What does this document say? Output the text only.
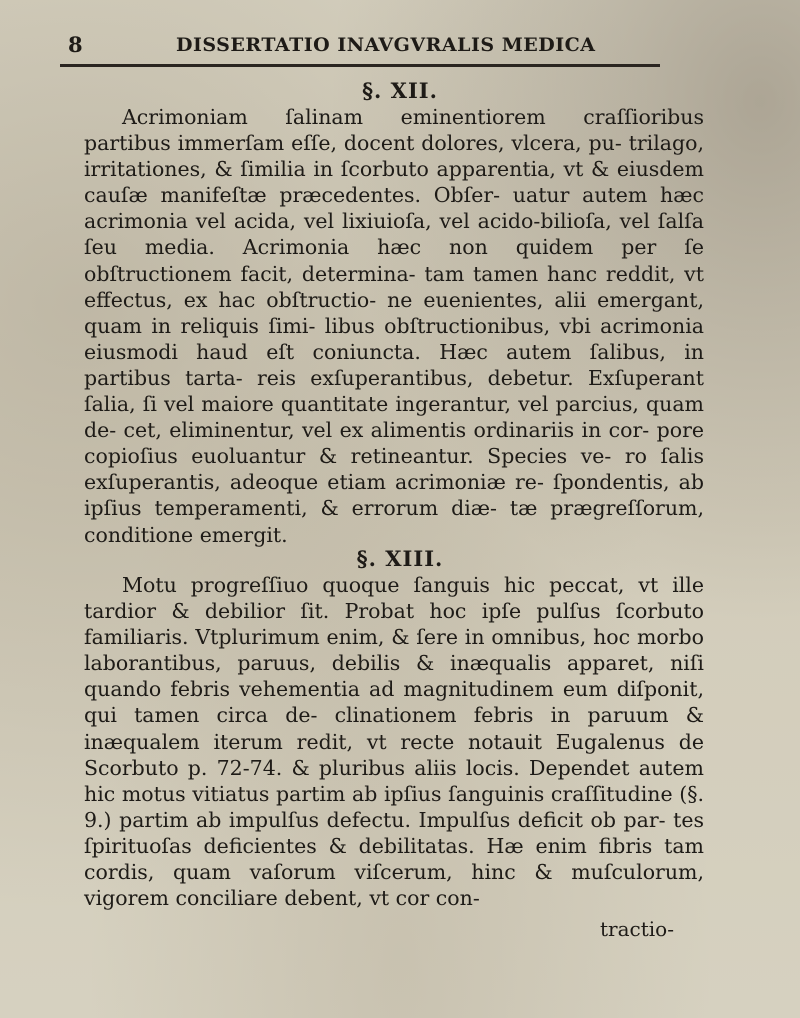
8	DISSERTATIO INAVGVRALIS MEDICA
§. XII.

Acrimoniam ſalinam eminentiorem craſſioribus partibus immerſam eſſe, docent dolores, vlcera, pu- trilago, irritationes, & ſimilia in ſcorbuto apparentia, vt & eiusdem cauſæ manifeſtæ præcedentes. Obſer- uatur autem hæc acrimonia vel acida, vel lixiuioſa, vel acido-bilioſa, vel ſalſa ſeu media. Acrimonia hæc non quidem per ſe obſtructionem facit, determina- tam tamen hanc reddit, vt effectus, ex hac obſtructio- ne euenientes, alii emergant, quam in reliquis ſimi- libus obſtructionibus, vbi acrimonia eiusmodi haud eſt coniuncta. Hæc autem ſalibus, in partibus tarta- reis exſuperantibus, debetur. Exſuperant ſalia, ſi vel maiore quantitate ingerantur, vel parcius, quam de- cet, eliminentur, vel ex alimentis ordinariis in cor- pore copioſius euoluantur & retineantur. Species ve- ro ſalis exſuperantis, adeoque etiam acrimoniæ re- ſpondentis, ab ipſius temperamenti, & errorum diæ- tæ prægreſſorum, conditione emergit.

§. XIII.

Motu progreſſiuo quoque ſanguis hic peccat, vt ille tardior & debilior ſit. Probat hoc ipſe pulſus ſcorbuto familiaris. Vtplurimum enim, & ſere in omnibus, hoc morbo laborantibus, paruus, debilis & inæqualis apparet, niſi quando febris vehementia ad magnitudinem eum diſponit, qui tamen circa de- clinationem febris in paruum & inæqualem iterum redit, vt recte notauit Eugalenus de Scorbuto p. 72-74. & pluribus aliis locis. Dependet autem hic motus vitiatus partim ab ipſius ſanguinis craſſitudine (§. 9.) partim ab impulſus defectu. Impulſus deficit ob par- tes ſpirituoſas deficientes & debilitatas. Hæ enim fibris tam cordis, quam vaſorum viſcerum, hinc & muſculorum, vigorem conciliare debent, vt cor con-

tractio-
